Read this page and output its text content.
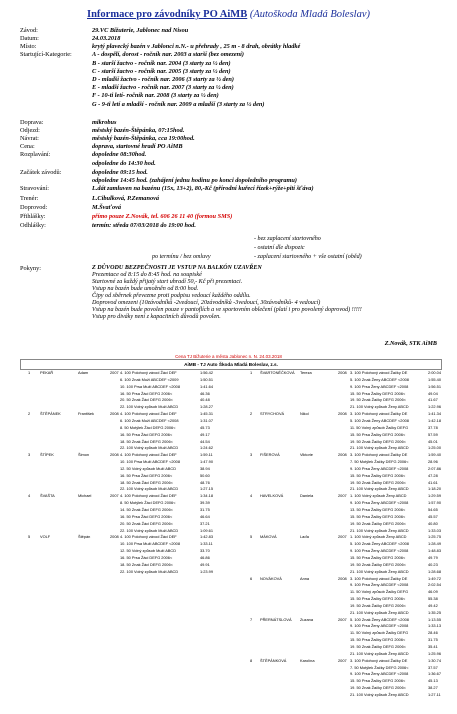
Informace pro závodníky PO AiMB (Autoškoda Mladá Boleslav)
Závod:	29.VC Bižuterie, Jablonec nad Nisou
Datum:	24.03.2018
Místo:	krytý plavecký bazén v Jablonci n.N.- u přehrady , 25 m - 8 drah, obrátky hladké
Startující-Kategorie:	A - dospělí, dorost - ročník nar. 2003 a starší (bez omezení)
B - starší žactvo - ročník nar. 2004 (3 starty za ½ den)
C - starší žactvo - ročník nar. 2005 (3 starty za ½ den)
D - mladší žactvo - ročník nar. 2006 (3 starty za ½ den)
E - mladší žactvo - ročník nar. 2007 (3 starty za ½ den)
F - 10-ti letí- ročník nar. 2008 (3 starty za ½ den)
G - 9-ti letí a mladší - ročník nar. 2009 a mladší (3 starty za ½ den)
Doprava:	mikrobus
Odjezd:	městský bazén-Štěpánka, 07:15hod.
Návrat:	městský bazén-Štěpánka, cca 19:00hod.
Cena:	doprava, startovné hradí PO AiMB
Rozplavání:	dopoledne 08:30hod.
odpoledne do 14:30 hod.
Začátek závodů:	dopoledne 09:15 hod.
odpoledne 14:45 hod. (zahájení jednu hodinu po konci dopoledního programu)
Stravování:	L.dát zamluven na bazénu (15x, 13+2), 80,-Kč (přírodní kuřecí řízek+rýže+pití šťáva)
Trenér:	L.Cibulková, P.Zemanová
Doprovod:	M.Švaťová
Přihlášky:	přímo pouze Z.Novák, tel. 606 26 11 40 (formou SMS)
Odhlášky:	termín: středa 07/03/2018 do 19:00 hod.
- bez zaplacení startovného
- ostatní dle dispozic
- zaplacení startovného + vše ostatní (oběd)
po termínu / bez omluvy
Pokyny:	Z DŮVODU BEZPEČNOSTI JE VSTUP NA BALKÓN UZAVŘEN
Prezentace od 8:15 do 8:45 hod. na soupiské
Startovné za každý přijatý start uhradí 50,- Kč při prezentaci.
Vstup na bazén bude umožněn od 8:00 hod.
Čipy od sběrnek převezme proti podpisu vedoucí každého oddílu.
Doprovod omezeni (10závodníků -2vedoucí, 20závodníků -3vedoucí, 30závodníků- 4 vedoucí)
Vstup na bazén bude povolen pouze v pantoflích a ve sportovním oblečení (platí i pro povolený doprovod) !!!!!
Vstup pro diváky není z kapacitních důvodů povolen.
Z.Novák, STK AiMB
Cena TJ Bižuterie a města Jablonec n. N. 24.03.2018
AiMB - TJ Auto Škoda Mladá Boleslav, z.s.
1	PEKAŘ	Adam	2007 4. 100 Polohový závod Žáci DEF	1:56.42	1 ŠVARTONĚČKOVÁ Tereza	2008 3. 100 Polohový závod Žačky DE	2:00.04
6. 100 Znak Muži ABCDEF <2009	1:50.51	5. 100 Znak Ženy ABCDEF <2008	1:55.40
10. 100 Prsa Muži ABCDEF <2008	1:41.64	9. 100 Prsa Ženy ABCDEF <2008	1:56.51
16. 50 Prsa Žáci DEFG 2006<	46.36	15. 50 Prsa Žačky DEFG 2006<	49.04
20. 50 Znak Žáci DEFG 2006<	40.48	19. 50 Znak Žačky DEFG 2006<	41.67
22. 100 Volný způsob Muži ABCD	1:28.27	21. 100 Volný způsob Ženy ABCD	1:22.96
2	ŠTĚPÁNEK	František	2008 4. 100 Polohový závod Žáci DEF	1:45.31	2 STRYCHOVÁ	Nikol	2008 3. 100 Polohový závod Žačky DE	1:41.34
6. 100 Znak Muži ABCDEF <2008	1:31.07	5. 100 Znak Ženy ABCDEF <2008	1:42.18
8. 50 Motýlek Žáci DEFG 2006<	45.73	11. 50 Volný způsob Žačky DEFG	37.78
16. 50 Prsa Žáci DEFG 2006<	49.17	15. 50 Prsa Žačky DEFG 2006<	57.59
18. 50 Znak Žáci DEFG 2006<	44.54	19. 50 Znak Žačky DEFG 2006<	45.01
22. 100 Volný způsob Muži ABCD	1:24.62	21. 100 Volný způsob Ženy ABCD	1:25.00
3	ŠTÍPEK	Šimon	2008 4. 100 Polohový závod Žáci DEF	1:59.11	3 FIŠEROVÁ	Viktorie	2008 3. 100 Polohový závod Žačky DE	1:59.40
10. 100 Prsa Muži ABCDEF <2008	1:47.90	7. 50 Motýlek Žačky DEFG 2006<	28.96
12. 50 Volný způsob Muži ABCD	38.94	9. 100 Prsa Ženy ABCDEF <2008	2:07.86
16. 50 Prsa Žáci DEFG 2006<	50.60	15. 50 Prsa Žačky DEFG 2006<	47.28
18. 50 Znak Žáci DEFG 2006<	48.76	19. 50 Znak Žačky DEFG 2006<	41.61
22. 100 Volný způsob Muži ABCD	1:27.15	21. 100 Volný způsob Ženy ABCD	1:18.20
4	ŠVAŠTA	Michael	2007 4. 100 Polohový závod Žáci DEF	1:34.18	4 HAVELKOVÁ	Daniela	2007 1. 100 Volný způsob Ženy ABCD	1:29.59
8. 50 Motýlek Žáci DEFG 2006<	39.39	9. 100 Prsa Ženy ABCDEF <2008	1:57.90
14. 50 Znak Žáci DEFG 2006<	31.75	13. 50 Prsa Žačky DEFG 2006<	54.65
16. 50 Prsa Žáci DEFG 2006<	46.64	15. 50 Prsa Žačky DEFG 2006<	45.57
20. 50 Znak Žáci DEFG 2006<	37.21	19. 50 Znak Žačky DEFG 2006<	40.80
22. 100 Volný způsob Muži ABCD	1:09.61	21. 100 Volný způsob Ženy ABCD	1:33.03
5	VOLF	Štěpán	2008 4. 100 Polohový závod Žáci DEF	1:42.83	5 MÁKOVÁ	Laďa	2007 1. 100 Volný způsob Ženy ABCD	1:25.75
10. 100 Prsa Muži ABCDEF <2008	1:33.11	5. 100 Znak Ženy ABCDEF <2008	1:28.49
12. 50 Volný způsob Muži ABCD	33.70	9. 100 Prsa Ženy ABCDEF <2008	1:48.83
16. 50 Prsa Žáci DEFG 2006<	46.86	15. 50 Prsa Žačky DEFG 2006<	49.79
18. 50 Znak Žáci DEFG 2006<	49.91	19. 50 Znak Žačky DEFG 2006<	40.23
22. 100 Volný způsob Muži ABCD	1:23.99	21. 100 Volný způsob Ženy ABCD	1:28.68
6 NOVÁKOVÁ	Anna	2008 3. 100 Polohový závod Žačky DE	1:49.72
9. 100 Prsa Ženy ABCDEF <2008	2:02.54
11. 50 Volný způsob Žačky DEFG	46.09
15. 50 Prsa Žačky DEFG 2006<	55.38
19. 50 Znak Žačky DEFG 2006<	49.42
21. 100 Volný způsob Ženy ABCD	1:35.25
7 PŘERNÁTSLOVÁ Zuzana	2007 5. 100 Znak Ženy ABCDEF <2008	1:13.55
9. 100 Prsa Ženy ABCDEF <2008	1:33.13
11. 50 Volný způsob Žačky DEFG	28.46
15. 50 Prsa Žačky DEFG 2006<	31.75
19. 50 Znak Žačky DEFG 2006<	35.41
21. 100 Volný způsob Ženy ABCD	1:25.96
8 ŠTĚPÁNKOVÁ	Karolína	2007 3. 100 Polohový závod Žačky DE	1:30.74
7. 50 Motýlek Žačky DEFG 2006<	37.57
9. 100 Prsa Ženy ABCDEF <2008	1:36.67
15. 50 Prsa Žačky DEFG 2006<	45.13
19. 50 Znak Žačky DEFG 2006<	38.27
21. 100 Volný způsob Ženy ABCD	1:27.11
